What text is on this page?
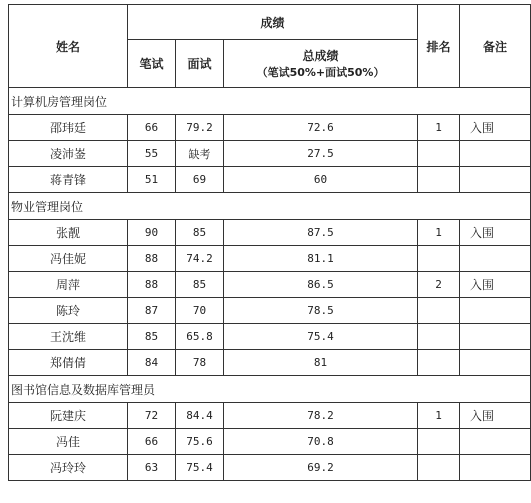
姓名	成绩			排名	备注
	笔试	面试	总成绩
（笔试50%+面试50%）		

计算机房管理岗位					
邵玮廷	66	79.2	72.6	1	入围
凌沛崟	55	缺考	27.5		
蒋青锋	51	69	60		
物业管理岗位					
张靓	90	85	87.5	1	入围
冯佳妮	88	74.2	81.1		
周萍	88	85	86.5	2	入围
陈玲	87	70	78.5		
王沈维	85	65.8	75.4		
郑倩倩	84	78	81		
图书馆信息及数据库管理员					
阮建庆	72	84.4	78.2	1	入围
冯佳	66	75.6	70.8		
冯玲玲	63	75.4	69.2		
